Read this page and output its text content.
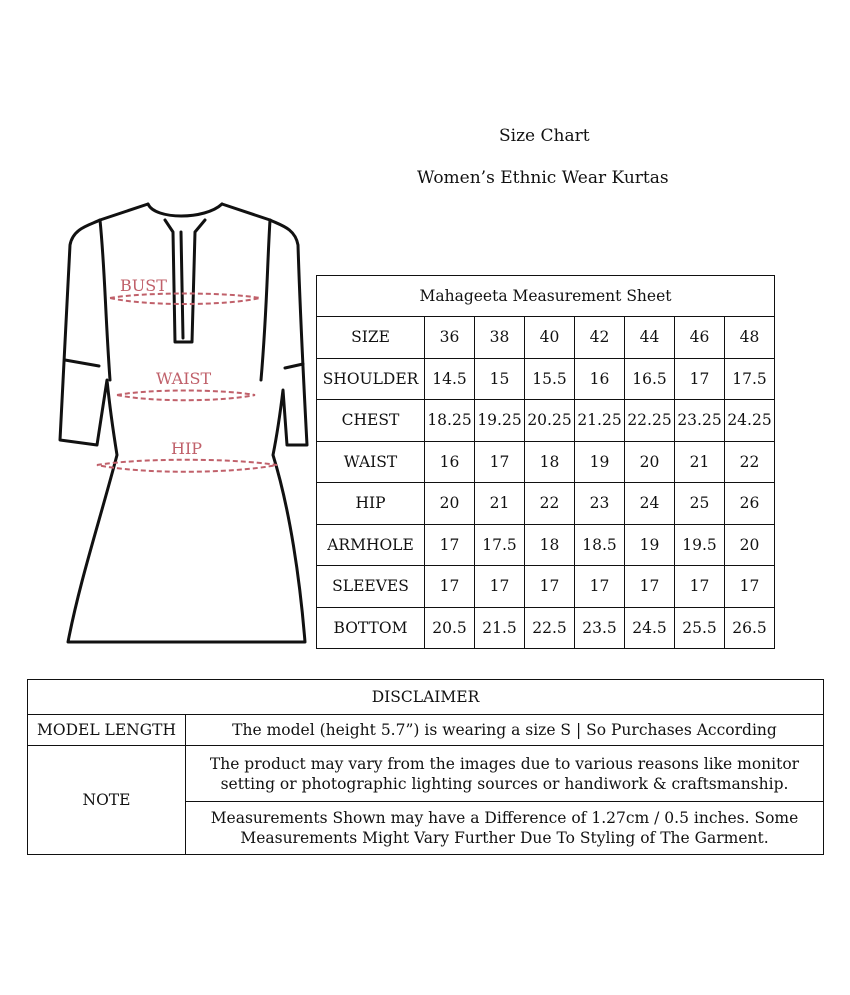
Size Chart
Women’s Ethnic Wear Kurtas
BUST
WAIST
HIP
Mahageeta Measurement Sheet							
SIZE	36	38	40	42	44	46	48
SHOULDER	14.5	15	15.5	16	16.5	17	17.5
CHEST	18.25	19.25	20.25	21.25	22.25	23.25	24.25
WAIST	16	17	18	19	20	21	22
HIP	20	21	22	23	24	25	26
ARMHOLE	17	17.5	18	18.5	19	19.5	20
SLEEVES	17	17	17	17	17	17	17
BOTTOM	20.5	21.5	22.5	23.5	24.5	25.5	26.5
DISCLAIMER	
MODEL LENGTH	The model (height 5.7”) is wearing a size S | So Purchases According
NOTE	The product may vary from the images due to various reasons like monitor
setting or photographic lighting sources or handiwork & craftsmanship.

	Measurements Shown may have a Difference of 1.27cm / 0.5 inches. Some
Measurements Might Vary Further Due To Styling of The Garment.
